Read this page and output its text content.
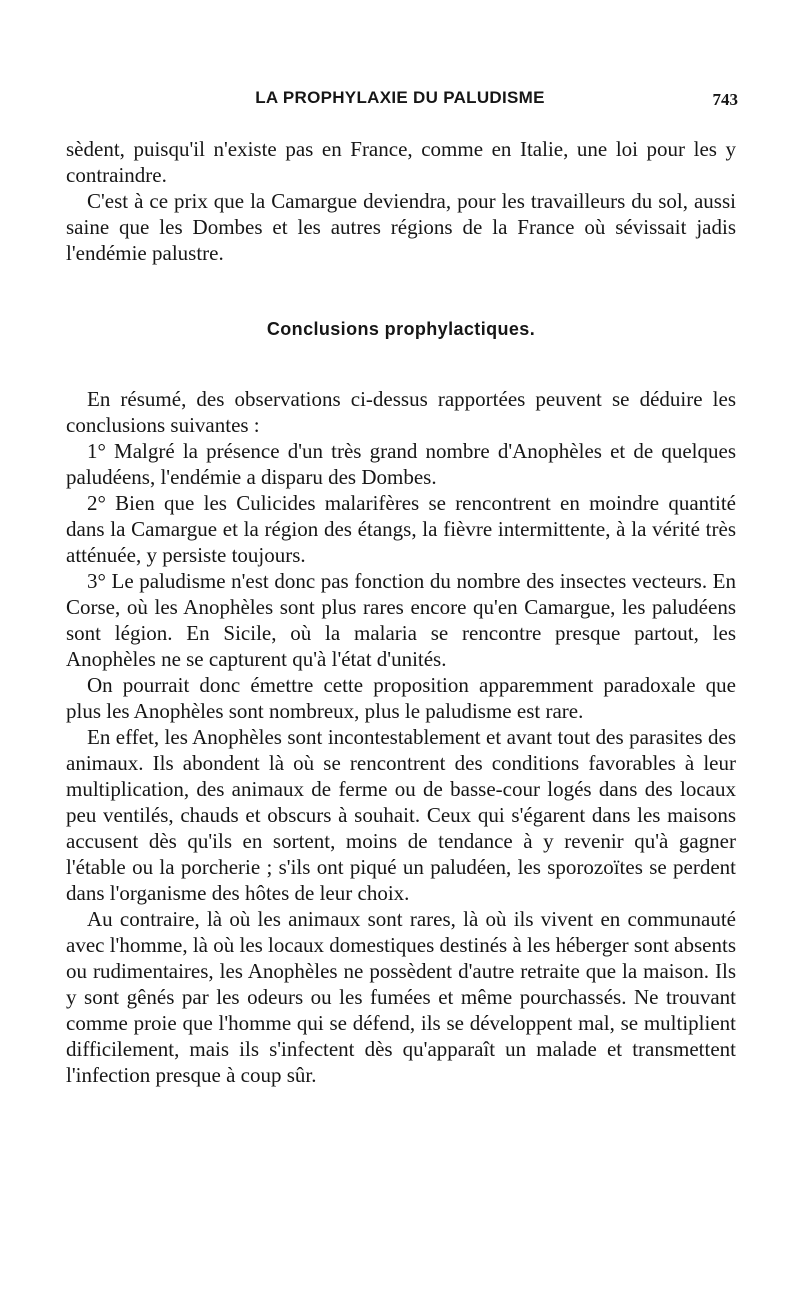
LA PROPHYLAXIE DU PALUDISME	743

sèdent, puisqu'il n'existe pas en France, comme en Italie, une loi pour les y contraindre.

C'est à ce prix que la Camargue deviendra, pour les travailleurs du sol, aussi saine que les Dombes et les autres régions de la France où sévissait jadis l'endémie palustre.

Conclusions prophylactiques.

En résumé, des observations ci-dessus rapportées peuvent se déduire les conclusions suivantes :

1° Malgré la présence d'un très grand nombre d'Anophèles et de quelques paludéens, l'endémie a disparu des Dombes.

2° Bien que les Culicides malarifères se rencontrent en moindre quantité dans la Camargue et la région des étangs, la fièvre intermittente, à la vérité très atténuée, y persiste toujours.

3° Le paludisme n'est donc pas fonction du nombre des insectes vecteurs. En Corse, où les Anophèles sont plus rares encore qu'en Camargue, les paludéens sont légion. En Sicile, où la malaria se rencontre presque partout, les Anophèles ne se capturent qu'à l'état d'unités.

On pourrait donc émettre cette proposition apparemment paradoxale que plus les Anophèles sont nombreux, plus le paludisme est rare.

En effet, les Anophèles sont incontestablement et avant tout des parasites des animaux. Ils abondent là où se rencontrent des conditions favorables à leur multiplication, des animaux de ferme ou de basse-cour logés dans des locaux peu ventilés, chauds et obscurs à souhait. Ceux qui s'égarent dans les maisons accusent dès qu'ils en sortent, moins de tendance à y revenir qu'à gagner l'étable ou la porcherie ; s'ils ont piqué un paludéen, les sporozoïtes se perdent dans l'organisme des hôtes de leur choix.

Au contraire, là où les animaux sont rares, là où ils vivent en communauté avec l'homme, là où les locaux domestiques destinés à les héberger sont absents ou rudimentaires, les Anophèles ne possèdent d'autre retraite que la maison. Ils y sont gênés par les odeurs ou les fumées et même pourchassés. Ne trouvant comme proie que l'homme qui se défend, ils se développent mal, se multiplient difficilement, mais ils s'infectent dès qu'apparaît un malade et transmettent l'infection presque à coup sûr.
